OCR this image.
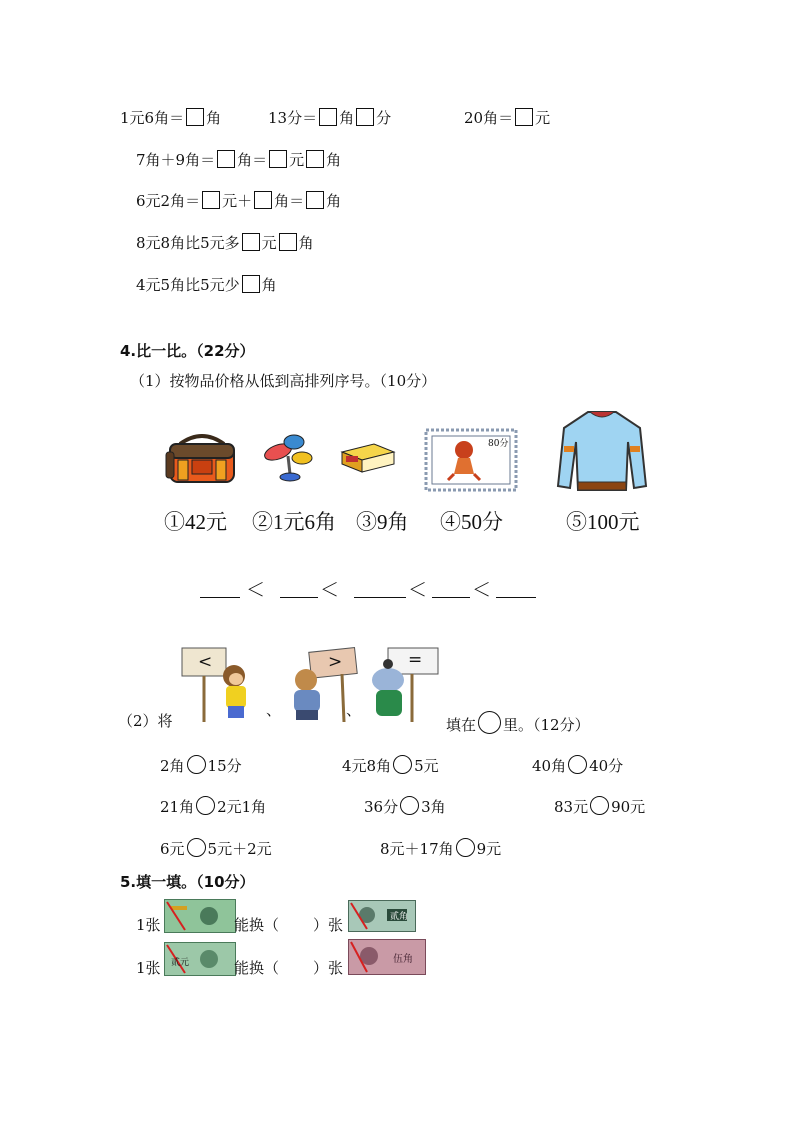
1元6角＝ 角	13分＝ 角 分	20角＝ 元
7角＋9角＝ 角＝ 元 角
6元2角＝ 元＋ 角＝ 角
8元8角比5元多 元 角
4元5角比5元少 角
4.比一比。（22分）
（1）按物品价格从低到高排列序号。（10分）
80分
①42元 ②1元6角 ③9角 ④50分	⑤100元
＜	＜	＜ ＜
<
、
>
、
=
（2）将	填在 里。（12分）
2角 15分	4元8角 5元	40角 40分
21角 2元1角	36分 3角	83元 90元
6元 5元＋2元	8元＋17角 9元
5.填一填。（10分）
1张	能换（ ）张	贰角
1张 贰元	能换（ ）张	伍角
